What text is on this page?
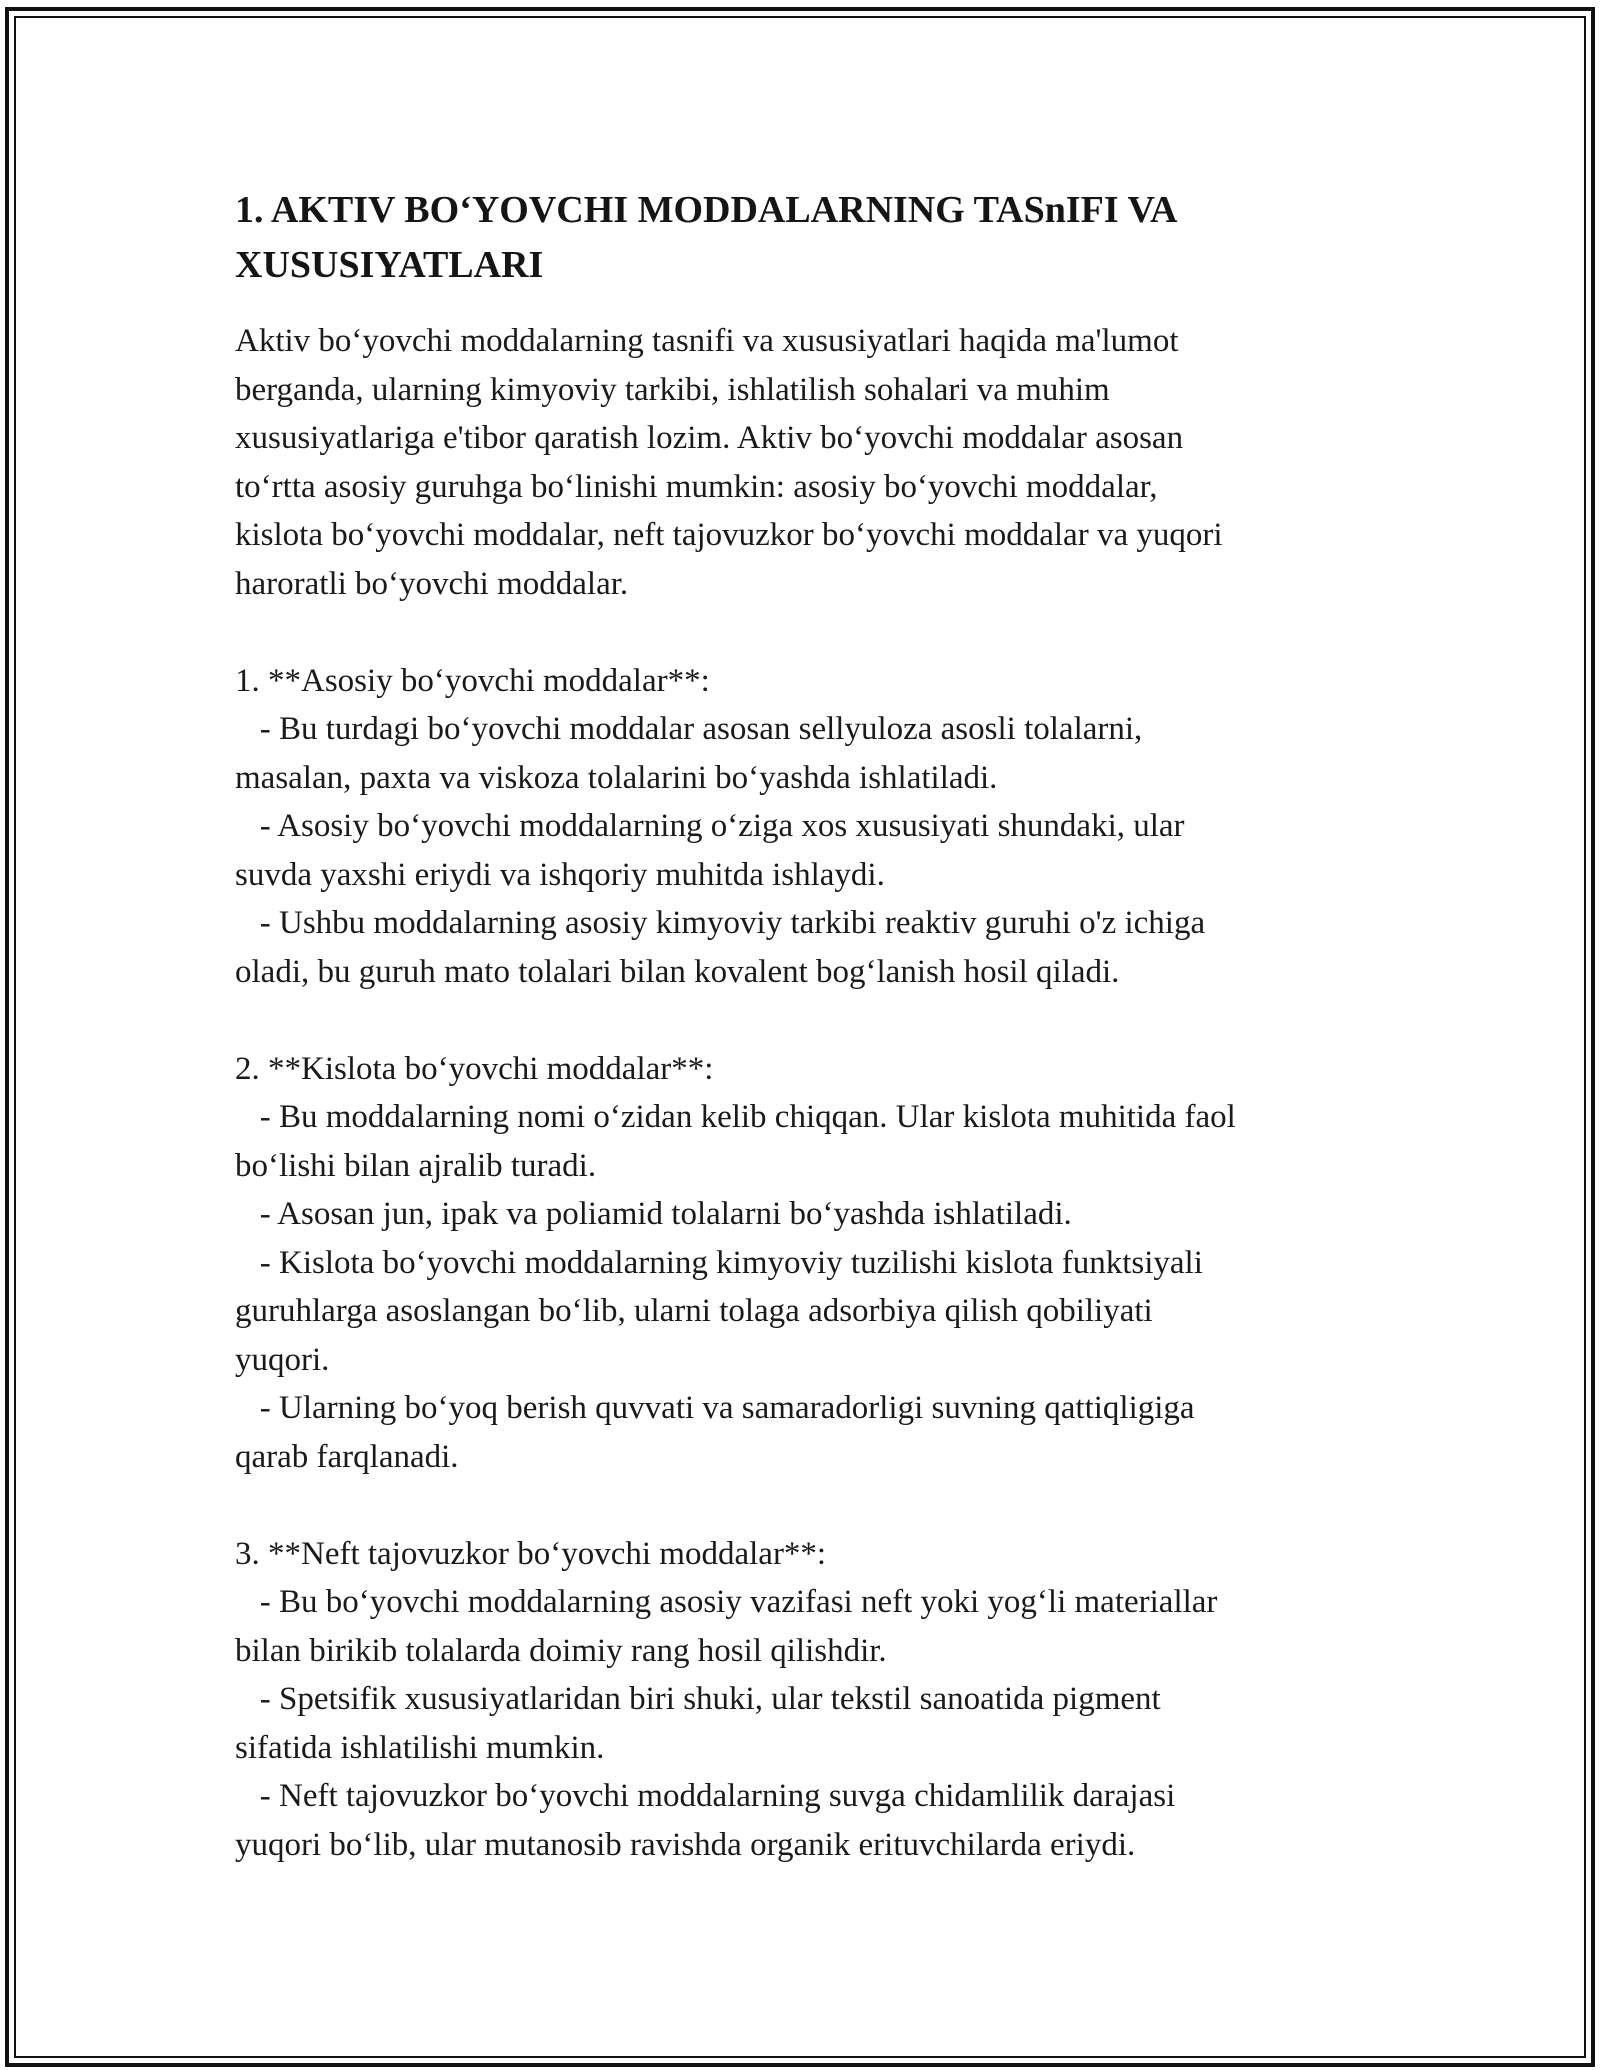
1. AKTIV BO‘YOVCHI MODDALARNING TASnIFI VA XUSUSIYATLARI

Aktiv bo‘yovchi moddalarning tasnifi va xususiyatlari haqida ma'lumot
berganda, ularning kimyoviy tarkibi, ishlatilish sohalari va muhim
xususiyatlariga e'tibor qaratish lozim. Aktiv bo‘yovchi moddalar asosan
to‘rtta asosiy guruhga bo‘linishi mumkin: asosiy bo‘yovchi moddalar,
kislota bo‘yovchi moddalar, neft tajovuzkor bo‘yovchi moddalar va yuqori
haroratli bo‘yovchi moddalar.

1. **Asosiy bo‘yovchi moddalar**:
- Bu turdagi bo‘yovchi moddalar asosan sellyuloza asosli tolalarni,
masalan, paxta va viskoza tolalarini bo‘yashda ishlatiladi.
- Asosiy bo‘yovchi moddalarning o‘ziga xos xususiyati shundaki, ular
suvda yaxshi eriydi va ishqoriy muhitda ishlaydi.
- Ushbu moddalarning asosiy kimyoviy tarkibi reaktiv guruhi o'z ichiga
oladi, bu guruh mato tolalari bilan kovalent bog‘lanish hosil qiladi.

2. **Kislota bo‘yovchi moddalar**:
- Bu moddalarning nomi o‘zidan kelib chiqqan. Ular kislota muhitida faol
bo‘lishi bilan ajralib turadi.
- Asosan jun, ipak va poliamid tolalarni bo‘yashda ishlatiladi.
- Kislota bo‘yovchi moddalarning kimyoviy tuzilishi kislota funktsiyali
guruhlarga asoslangan bo‘lib, ularni tolaga adsorbiya qilish qobiliyati
yuqori.
- Ularning bo‘yoq berish quvvati va samaradorligi suvning qattiqligiga
qarab farqlanadi.

3. **Neft tajovuzkor bo‘yovchi moddalar**:
- Bu bo‘yovchi moddalarning asosiy vazifasi neft yoki yog‘li materiallar
bilan birikib tolalarda doimiy rang hosil qilishdir.
- Spetsifik xususiyatlaridan biri shuki, ular tekstil sanoatida pigment
sifatida ishlatilishi mumkin.
- Neft tajovuzkor bo‘yovchi moddalarning suvga chidamlilik darajasi
yuqori bo‘lib, ular mutanosib ravishda organik erituvchilarda eriydi.
